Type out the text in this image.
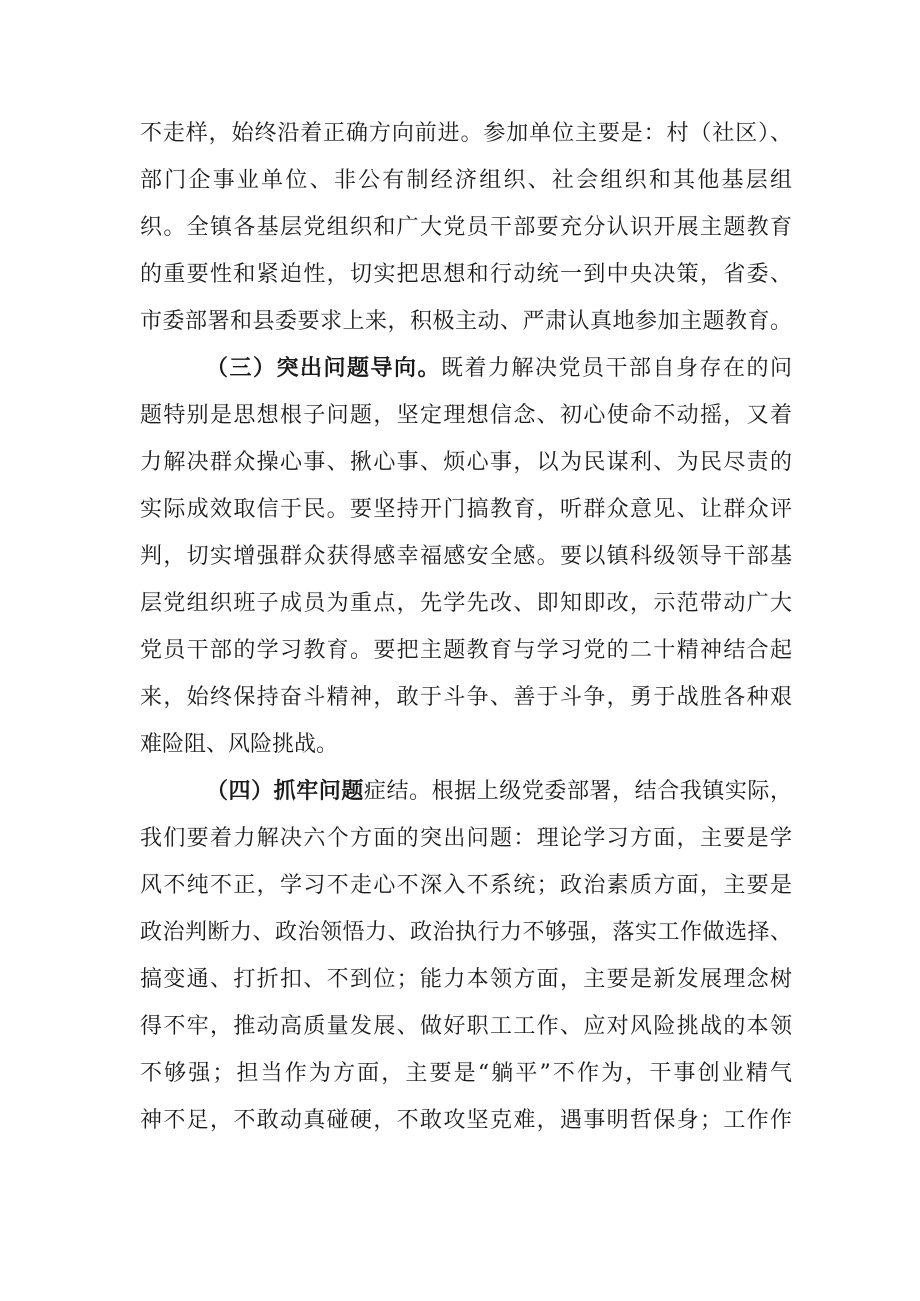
不走样，始终沿着正确方向前进。参加单位主要是：村（社区）、
部门企事业单位、非公有制经济组织、社会组织和其他基层组
织。全镇各基层党组织和广大党员干部要充分认识开展主题教育
的重要性和紧迫性，切实把思想和行动统一到中央决策，省委、
市委部署和县委要求上来，积极主动、严肃认真地参加主题教育。
（三）突出问题导向。既着力解决党员干部自身存在的问
题特别是思想根子问题，坚定理想信念、初心使命不动摇，又着
力解决群众操心事、揪心事、烦心事，以为民谋利、为民尽责的
实际成效取信于民。要坚持开门搞教育，听群众意见、让群众评
判，切实增强群众获得感幸福感安全感。要以镇科级领导干部基
层党组织班子成员为重点，先学先改、即知即改，示范带动广大
党员干部的学习教育。要把主题教育与学习党的二十精神结合起
来，始终保持奋斗精神，敢于斗争、善于斗争，勇于战胜各种艰
难险阻、风险挑战。
（四）抓牢问题症结。根据上级党委部署，结合我镇实际，
我们要着力解决六个方面的突出问题：理论学习方面，主要是学
风不纯不正，学习不走心不深入不系统；政治素质方面，主要是
政治判断力、政治领悟力、政治执行力不够强，落实工作做选择、
搞变通、打折扣、不到位；能力本领方面，主要是新发展理念树
得不牢，推动高质量发展、做好职工工作、应对风险挑战的本领
不够强；担当作为方面，主要是“躺平”不作为，干事创业精气
神不足，不敢动真碰硬，不敢攻坚克难，遇事明哲保身；工作作
